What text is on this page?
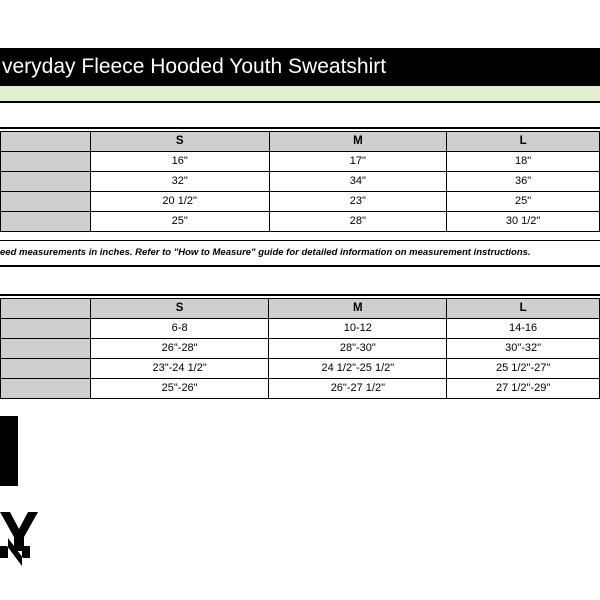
veryday Fleece Hooded Youth Sweatshirt
	S	M	L
	16"	17"	18"
	32"	34"	36"
	20 1/2"	23"	25"
	25"	28"	30 1/2"
eed measurements in inches. Refer to "How to Measure" guide for detailed information on measurement instructions.
	S	M	L
	6-8	10-12	14-16
	26"-28"	28"-30"	30"-32"
	23"-24 1/2"	24 1/2"-25 1/2"	25 1/2"-27"
	25"-26"	26"-27 1/2"	27 1/2"-29"
